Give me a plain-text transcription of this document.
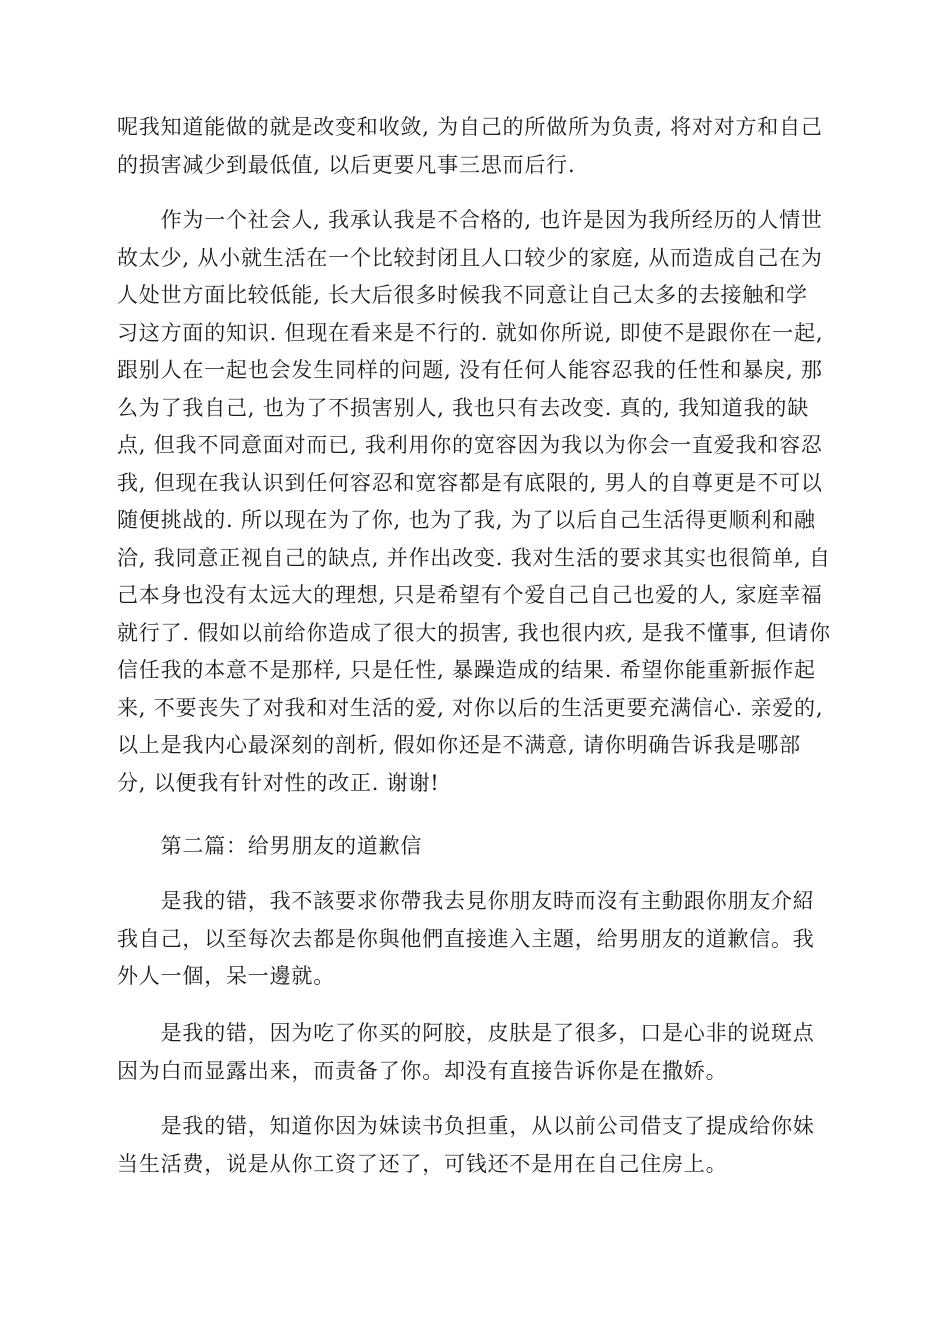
呢我知道能做的就是改变和收敛, 为自己的所做所为负责, 将对对方和自己
的损害减少到最低值, 以后更要凡事三思而后行.
　　作为一个社会人, 我承认我是不合格的, 也许是因为我所经历的人情世
故太少, 从小就生活在一个比较封闭且人口较少的家庭, 从而造成自己在为
人处世方面比较低能, 长大后很多时候我不同意让自己太多的去接触和学
习这方面的知识. 但现在看来是不行的. 就如你所说, 即使不是跟你在一起,
跟别人在一起也会发生同样的问题, 没有任何人能容忍我的任性和暴戾, 那
么为了我自己, 也为了不损害别人, 我也只有去改变. 真的, 我知道我的缺
点, 但我不同意面对而已, 我利用你的宽容因为我以为你会一直爱我和容忍
我, 但现在我认识到任何容忍和宽容都是有底限的, 男人的自尊更是不可以
随便挑战的. 所以现在为了你, 也为了我, 为了以后自己生活得更顺利和融
洽, 我同意正视自己的缺点, 并作出改变. 我对生活的要求其实也很简单, 自
己本身也没有太远大的理想, 只是希望有个爱自己自己也爱的人, 家庭幸福
就行了. 假如以前给你造成了很大的损害, 我也很内疚, 是我不懂事, 但请你
信任我的本意不是那样, 只是任性, 暴躁造成的结果. 希望你能重新振作起
来, 不要丧失了对我和对生活的爱, 对你以后的生活更要充满信心. 亲爱的,
以上是我内心最深刻的剖析, 假如你还是不满意, 请你明确告诉我是哪部
分, 以便我有针对性的改正. 谢谢!
　　第二篇：给男朋友的道歉信
　　是我的错，我不該要求你帶我去見你朋友時而沒有主動跟你朋友介紹
我自己，以至每次去都是你與他們直接進入主題，给男朋友的道歉信。我
外人一個，呆一邊就。
　　是我的错，因为吃了你买的阿胶，皮肤是了很多，口是心非的说斑点
因为白而显露出来，而责备了你。却没有直接告诉你是在撒娇。
　　是我的错，知道你因为妹读书负担重，从以前公司借支了提成给你妹
当生活费，说是从你工资了还了，可钱还不是用在自己住房上。
